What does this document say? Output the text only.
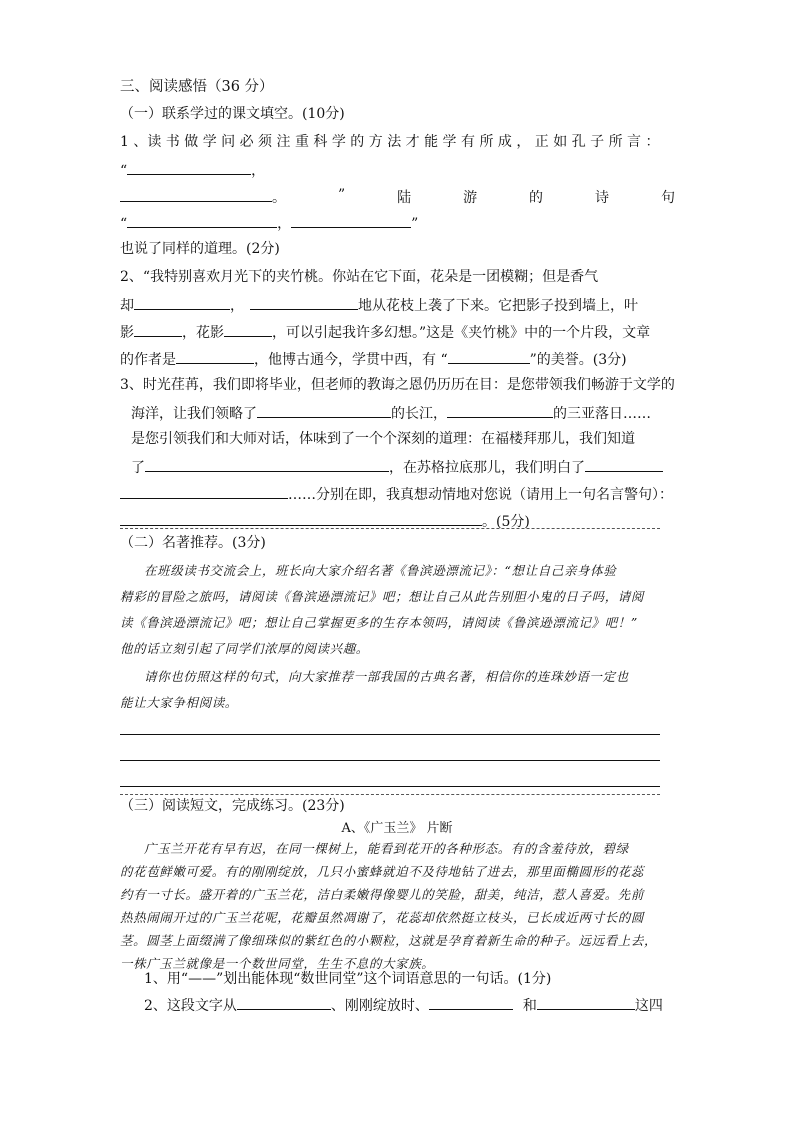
三、阅读感悟（36 分）
（一）联系学过的课文填空。(10分)
1 、读 书 做 学 问 必 须 注 重 科 学 的 方 法 才 能 学 有 所 成 ， 正 如 孔 子 所 言 ：
“	，
。	”	陆	游	的	诗	句
“	，	”
也说了同样的道理。(2分)
2、“我特别喜欢月光下的夹竹桃。你站在它下面，花朵是一团模糊；但是香气
却	，	地从花枝上袭了下来。它把影子投到墙上，叶
影	，花影	，可以引起我许多幻想。”这是《夹竹桃》中的一个片段，文章
的作者是	，他博古通今，学贯中西，有 “	”的美誉。(3分)
3、时光荏苒，我们即将毕业，但老师的教诲之恩仍历历在目：是您带领我们畅游于文学的
海洋，让我们领略了	的长江，	的三亚落日……
是您引领我们和大师对话，体味到了一个个深刻的道理：在福楼拜那儿，我们知道
了	，在苏格拉底那儿，我们明白了
……分别在即，我真想动情地对您说（请用上一句名言警句）：
。(5分)
（二）名著推荐。(3分)
在班级读书交流会上，班长向大家介绍名著《鲁滨逊漂流记》：“想让自己亲身体验
精彩的冒险之旅吗，请阅读《鲁滨逊漂流记》吧；想让自己从此告别胆小鬼的日子吗，请阅
读《鲁滨逊漂流记》吧；想让自己掌握更多的生存本领吗，请阅读《鲁滨逊漂流记》吧！”
他的话立刻引起了同学们浓厚的阅读兴趣。
请你也仿照这样的句式，向大家推荐一部我国的古典名著，相信你的连珠妙语一定也
能让大家争相阅读。
（三）阅读短文，完成练习。(23分)
A、《广玉兰》 片断
广玉兰开花有早有迟，在同一棵树上，能看到花开的各种形态。有的含羞待放，碧绿
的花苞鲜嫩可爱。有的刚刚绽放，几只小蜜蜂就迫不及待地钻了进去，那里面椭圆形的花蕊
约有一寸长。盛开着的广玉兰花，洁白柔嫩得像婴儿的笑脸，甜美，纯洁，惹人喜爱。先前
热热闹闹开过的广玉兰花呢，花瓣虽然凋谢了，花蕊却依然挺立枝头，已长成近两寸长的圆
茎。圆茎上面缀满了像细珠似的紫红色的小颗粒，这就是孕育着新生命的种子。远远看上去，
一株广玉兰就像是一个数世同堂，生生不息的大家族。
1、用“——”划出能体现“数世同堂”这个词语意思的一句话。(1分)
2、这段文字从	、刚刚绽放时、	和	这四
